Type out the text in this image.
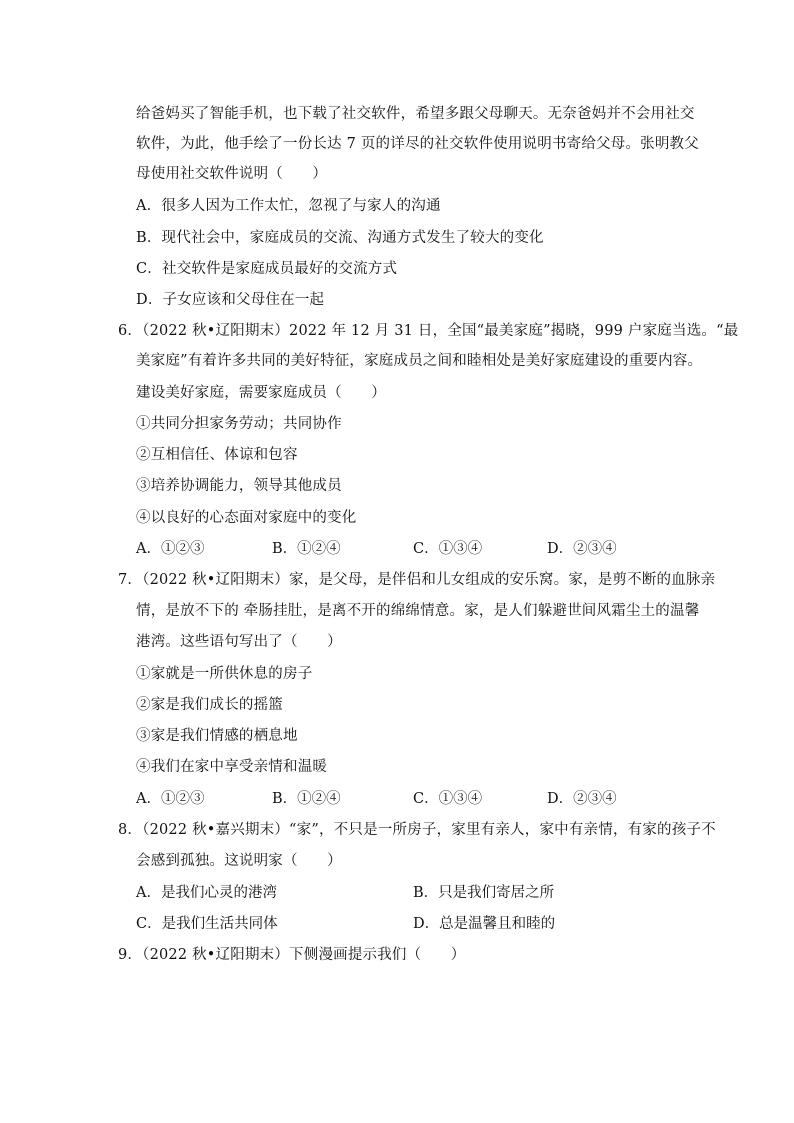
给爸妈买了智能手机，也下载了社交软件，希望多跟父母聊天。无奈爸妈并不会用社交
软件，为此，他手绘了一份长达 7 页的详尽的社交软件使用说明书寄给父母。张明教父
母使用社交软件说明（　　）
A．很多人因为工作太忙，忽视了与家人的沟通
B．现代社会中，家庭成员的交流、沟通方式发生了较大的变化
C．社交软件是家庭成员最好的交流方式
D．子女应该和父母住在一起
6．（2022 秋•辽阳期末）2022 年 12 月 31 日，全国“最美家庭”揭晓，999 户家庭当选。“最
美家庭”有着许多共同的美好特征，家庭成员之间和睦相处是美好家庭建设的重要内容。
建设美好家庭，需要家庭成员（　　）
①共同分担家务劳动；共同协作
②互相信任、体谅和包容
③培养协调能力，领导其他成员
④以良好的心态面对家庭中的变化
A．①②③	B．①②④	C．①③④	D．②③④
7．（2022 秋•辽阳期末）家，是父母，是伴侣和儿女组成的安乐窝。家，是剪不断的血脉亲
情，是放不下的 牵肠挂肚，是离不开的绵绵情意。家，是人们躲避世间风霜尘土的温馨
港湾。这些语句写出了（　　）
①家就是一所供休息的房子
②家是我们成长的摇篮
③家是我们情感的栖息地
④我们在家中享受亲情和温暖
A．①②③	B．①②④	C．①③④	D．②③④
8．（2022 秋•嘉兴期末）“家”，不只是一所房子，家里有亲人，家中有亲情，有家的孩子不
会感到孤独。这说明家（　　）
A．是我们心灵的港湾	B．只是我们寄居之所
C．是我们生活共同体	D．总是温馨且和睦的
9．（2022 秋•辽阳期末）下侧漫画提示我们（　　）
